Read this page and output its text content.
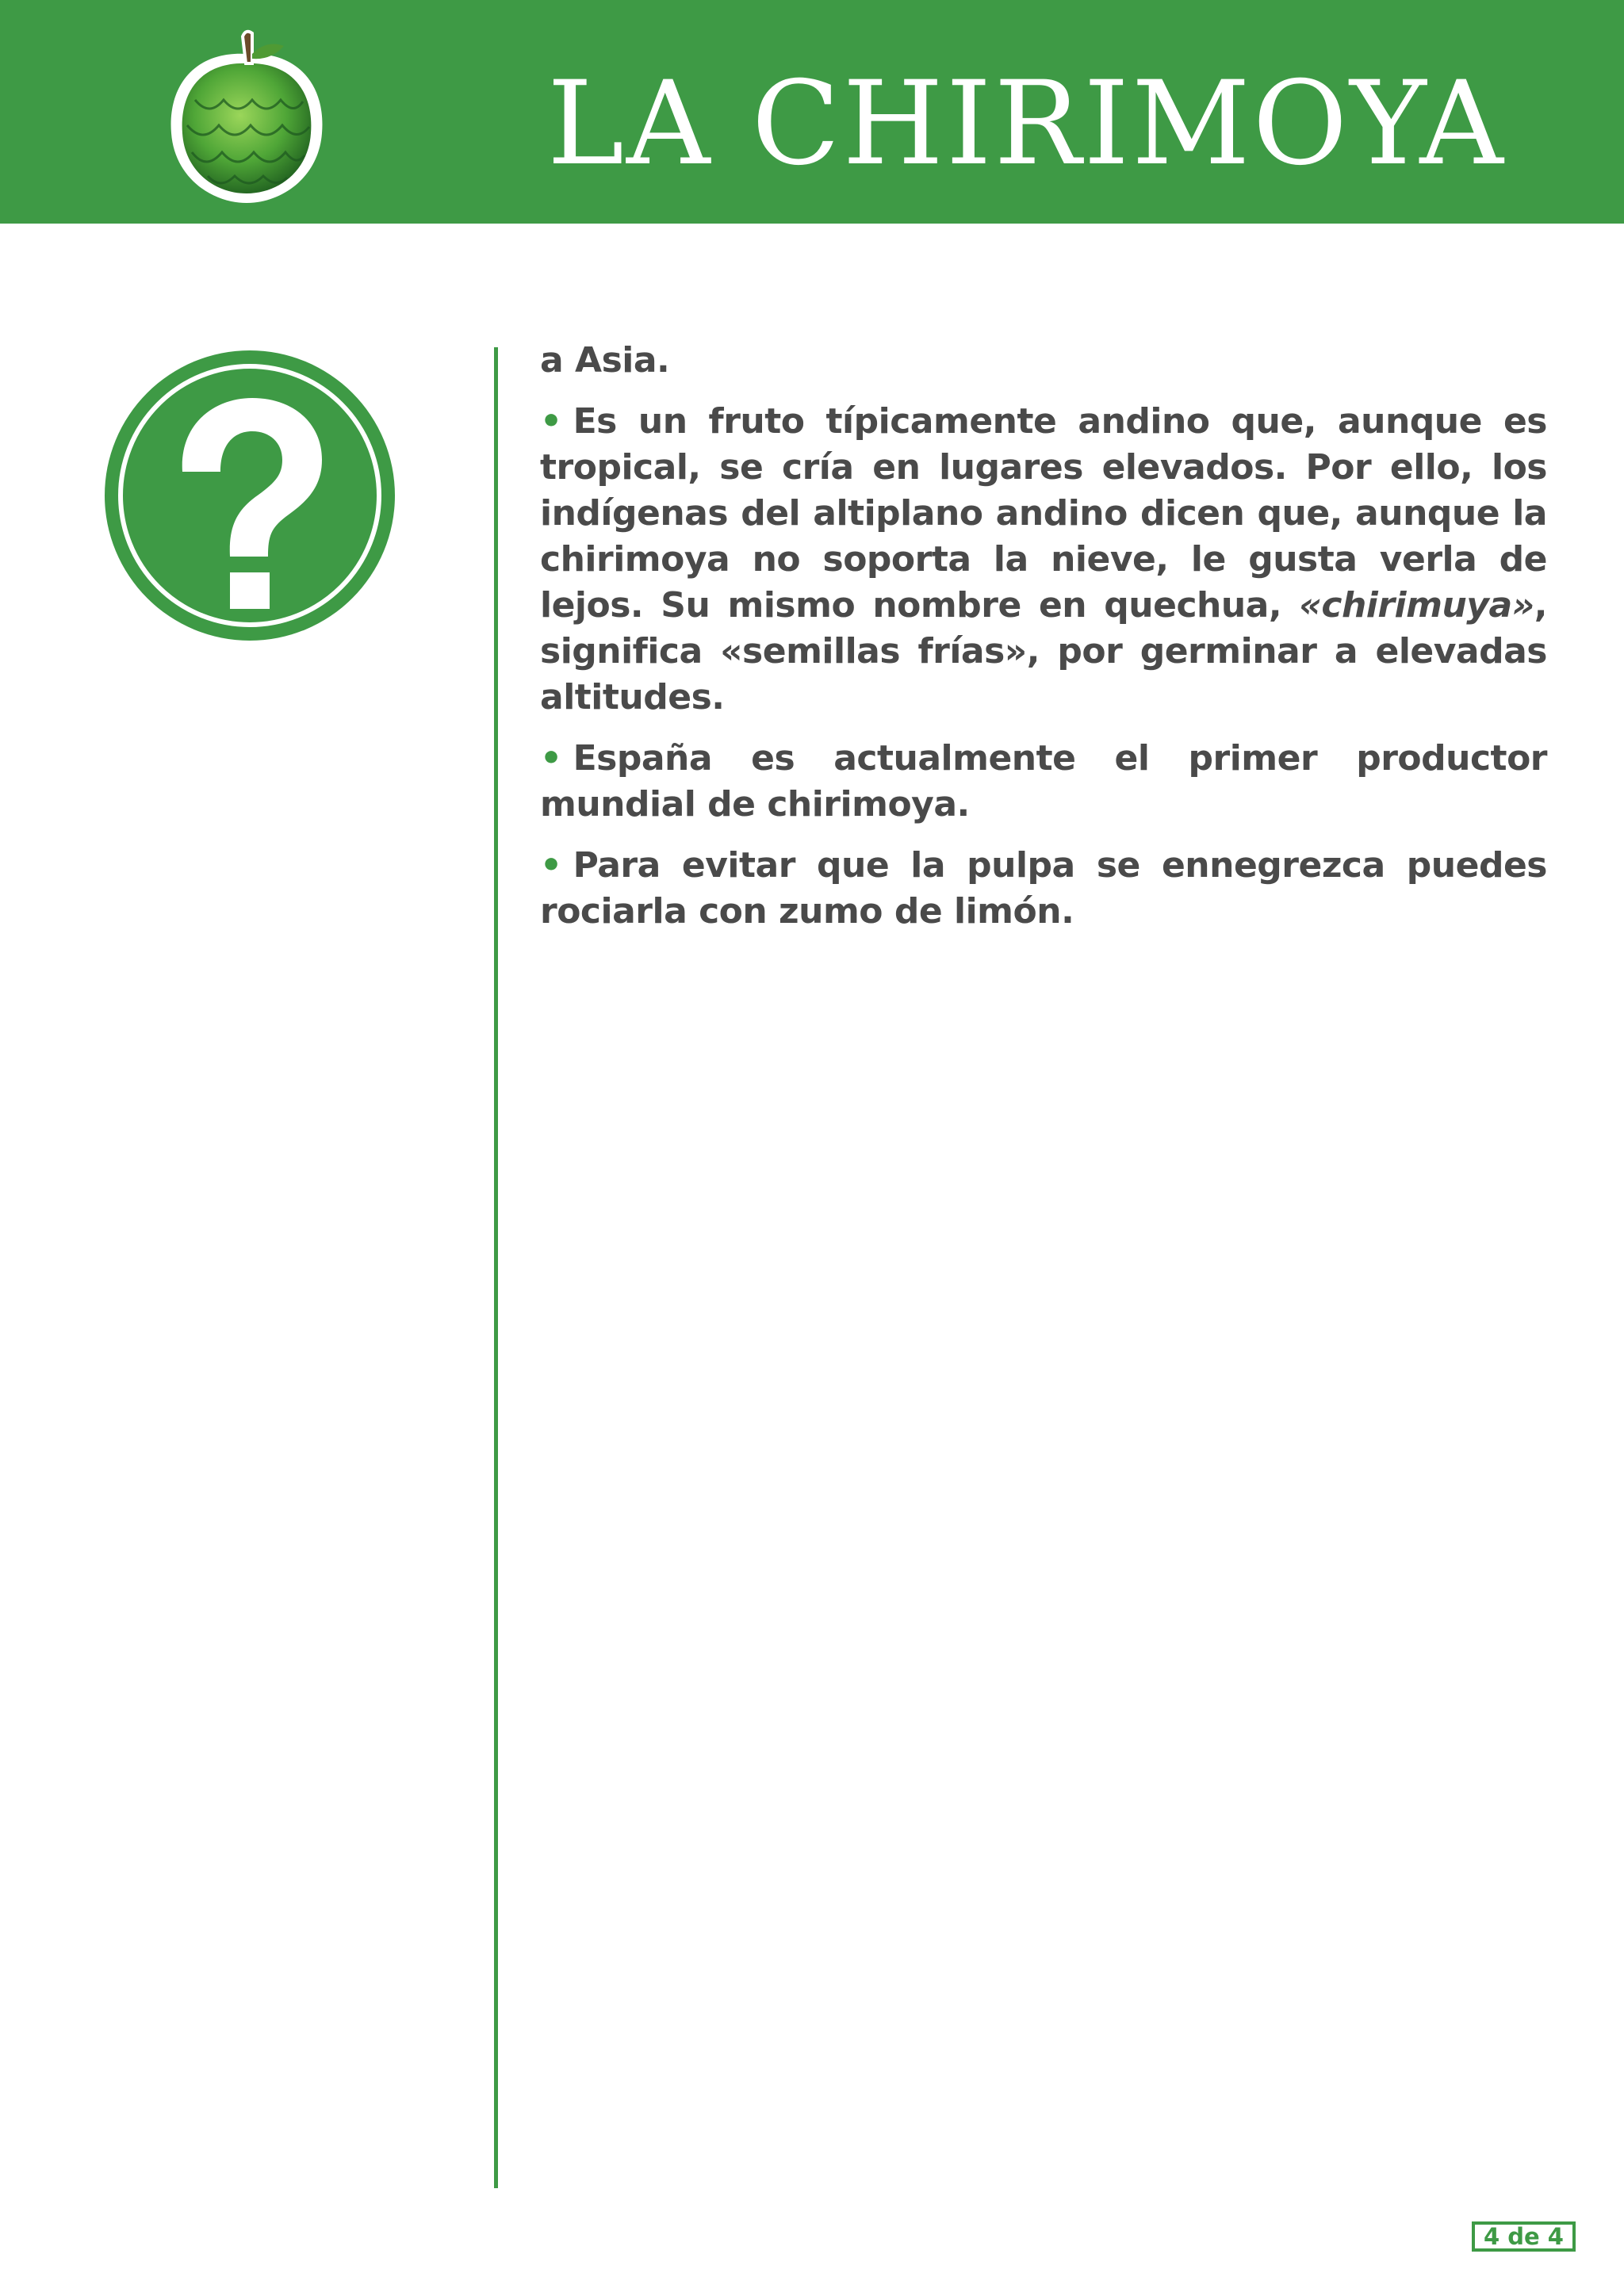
LA CHIRIMOYA

a Asia.

• Es un fruto típicamente andino que, aunque es tropical, se cría en lugares elevados. Por ello, los indígenas del altiplano andino dicen que, aunque la chirimoya no soporta la nieve, le gusta verla de lejos. Su mismo nombre en quechua, «chirimuya», significa «semillas frías», por germinar a elevadas altitudes.

• España es actualmente el primer productor mundial de chirimoya.

• Para evitar que la pulpa se ennegrezca puedes rociarla con zumo de limón.

4 de 4
